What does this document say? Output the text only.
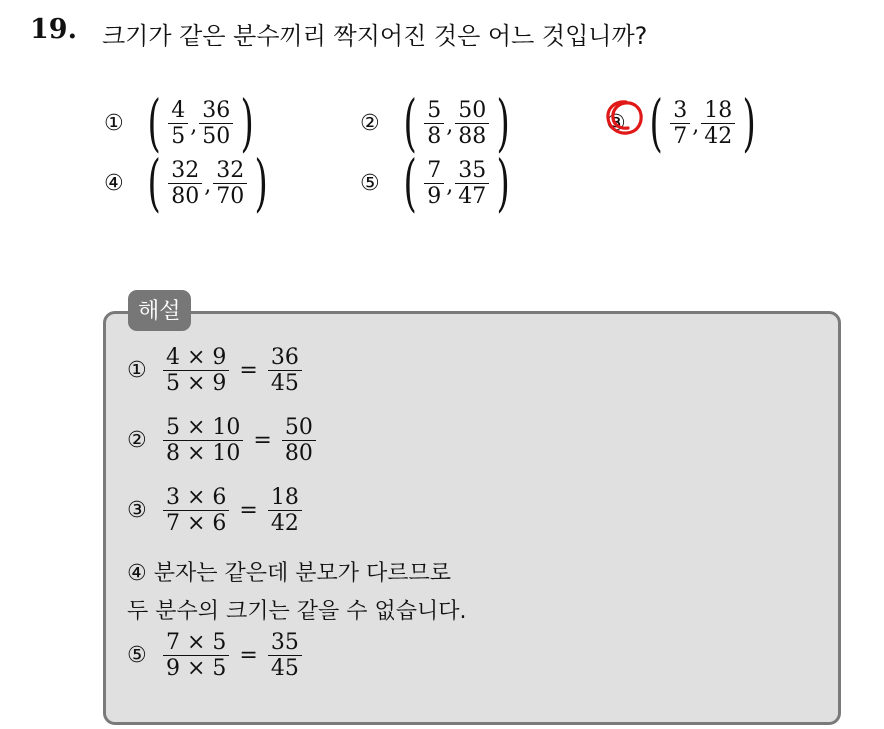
19. 크기가 같은 분수끼리 짝지어진 것은 어느 것입니까?
① ( $\frac{4}{5}$ , $\frac{36}{50}$ )	② ( $\frac{5}{8}$ , $\frac{50}{88}$ )	③ ( $\frac{3}{7}$ , $\frac{18}{42}$ )
④ ( $\frac{32}{80}$ , $\frac{32}{70}$ )	⑤ ( $\frac{7}{9}$ , $\frac{35}{47}$ )
해설
① $\frac{4 \times 9}{5 \times 9} = \frac{36}{45}$
② $\frac{5 \times 10}{8 \times 10} = \frac{50}{80}$
③ $\frac{3 \times 6}{7 \times 6} = \frac{18}{42}$
④ 분자는 같은데 분모가 다르므로
두 분수의 크기는 같을 수 없습니다.
⑤ $\frac{7 \times 5}{9 \times 5} = \frac{35}{45}$
